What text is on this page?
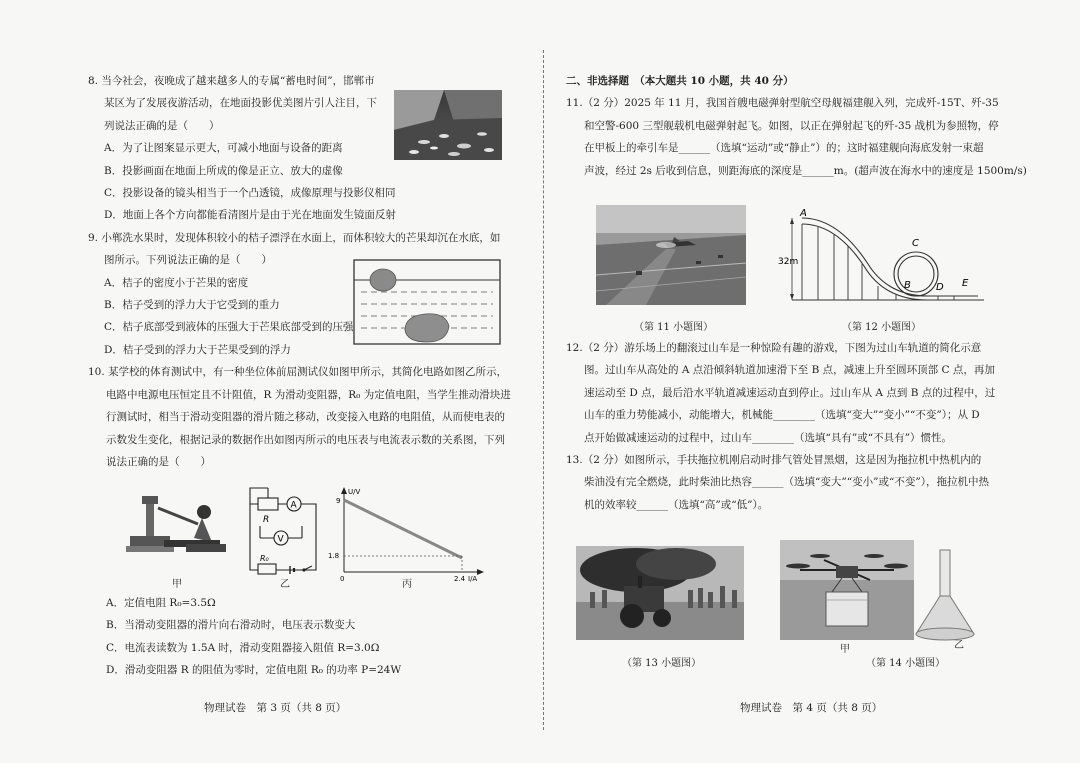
8. 当今社会，夜晚成了越来越多人的专属“蓄电时间”，邯郸市

某区为了发展夜游活动，在地面投影优美图片引人注目，下

列说法正确的是（　　）

A．为了让图案显示更大，可减小地面与设备的距离

B．投影画面在地面上所成的像是正立、放大的虚像

C．投影设备的镜头相当于一个凸透镜，成像原理与投影仪相同

D．地面上各个方向都能看清图片是由于光在地面发生镜面反射

9. 小郸洗水果时，发现体积较小的桔子漂浮在水面上，而体积较大的芒果却沉在水底，如

图所示。下列说法正确的是（　　）

A．桔子的密度小于芒果的密度

B．桔子受到的浮力大于它受到的重力

C．桔子底部受到液体的压强大于芒果底部受到的压强

D．桔子受到的浮力大于芒果受到的浮力

10. 某学校的体育测试中，有一种坐位体前屈测试仪如图甲所示，其简化电路如图乙所示，

电路中电源电压恒定且不计阻值，R 为滑动变阻器，R₀ 为定值电阻，当学生推动滑块进

行测试时，相当于滑动变阻器的滑片随之移动，改变接入电路的电阻值，从而使电表的

示数发生变化，根据记录的数据作出如图丙所示的电压表与电流表示数的关系图，下列

说法正确的是（　　）

A．定值电阻 R₀=3.5Ω

B．当滑动变阻器的滑片向右滑动时，电压表示数变大

C．电流表读数为 1.5A 时，滑动变阻器接入阻值 R=3.0Ω

D．滑动变阻器 R 的阻值为零时，定值电阻 R₀ 的功率 P=24W

甲
R
A
V
R₀
乙
U/V
9
1.8
0	2.4 I/A
丙
物理试卷　第 3 页（共 8 页）

二、非选择题　（本大题共 10 小题，共 40 分）

11.（2 分）2025 年 11 月，我国首艘电磁弹射型航空母舰福建舰入列，完成歼-15T、歼-35

和空警-600 三型舰载机电磁弹射起飞。如图，以正在弹射起飞的歼-35 战机为参照物，停

在甲板上的牵引车是______（选填“运动”或“静止”）的；这时福建舰向海底发射一束超

声波，经过 2s 后收到信息，则距海底的深度是______m。(超声波在海水中的速度是 1500m/s)

12.（2 分）游乐场上的翻滚过山车是一种惊险有趣的游戏，下图为过山车轨道的简化示意

图。过山车从高处的 A 点沿倾斜轨道加速滑下至 B 点，减速上升至圆环顶部 C 点，再加

速运动至 D 点，最后沿水平轨道减速运动直到停止。过山车从 A 点到 B 点的过程中，过

山车的重力势能减小，动能增大，机械能________（选填“变大”“变小”“不变”）；从 D

点开始做减速运动的过程中，过山车________（选填“具有”或“不具有”）惯性。

13.（2 分）如图所示，手扶拖拉机刚启动时排气管处冒黑烟，这是因为拖拉机中热机内的

柴油没有完全燃烧，此时柴油比热容______（选填“变大”“变小”或“不变”），拖拉机中热

机的效率较______（选填“高”或“低”）。

（第 11 小题图）
A
C
B	D E
32m
（第 12 小题图）
（第 13 小题图）
甲	乙
（第 14 小题图）
物理试卷　第 4 页（共 8 页）
